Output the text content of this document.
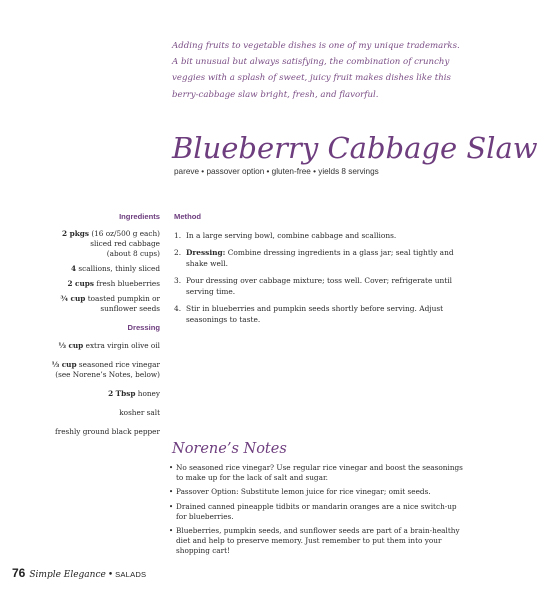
Adding fruits to vegetable dishes is one of my unique trademarks. A bit unusual but always satisfying, the combination of crunchy veggies with a splash of sweet, juicy fruit makes dishes like this berry-cabbage slaw bright, fresh, and flavorful.
Blueberry Cabbage Slaw
pareve • passover option • gluten-free • yields 8 servings
Ingredients
2 pkgs (16 oz/500 g each)
sliced red cabbage
(about 8 cups)
4 scallions, thinly sliced
2 cups fresh blueberries
¾ cup toasted pumpkin or
sunflower seeds
Dressing
⅓ cup extra virgin olive oil
⅓ cup seasoned rice vinegar
(see Norene’s Notes, below)
2 Tbsp honey
kosher salt
freshly ground black pepper
Method
1. In a large serving bowl, combine cabbage and scallions.
2. Dressing: Combine dressing ingredients in a glass jar; seal tightly and shake well.
3. Pour dressing over cabbage mixture; toss well. Cover; refrigerate until serving time.
4. Stir in blueberries and pumpkin seeds shortly before serving. Adjust seasonings to taste.
Norene’s Notes
• No seasoned rice vinegar? Use regular rice vinegar and boost the seasonings to make up for the lack of salt and sugar.
• Passover Option: Substitute lemon juice for rice vinegar; omit seeds.
• Drained canned pineapple tidbits or mandarin oranges are a nice switch-up for blueberries.
• Blueberries, pumpkin seeds, and sunflower seeds are part of a brain-healthy diet and help to preserve memory. Just remember to put them into your shopping cart!
76 Simple Elegance • SALADS
